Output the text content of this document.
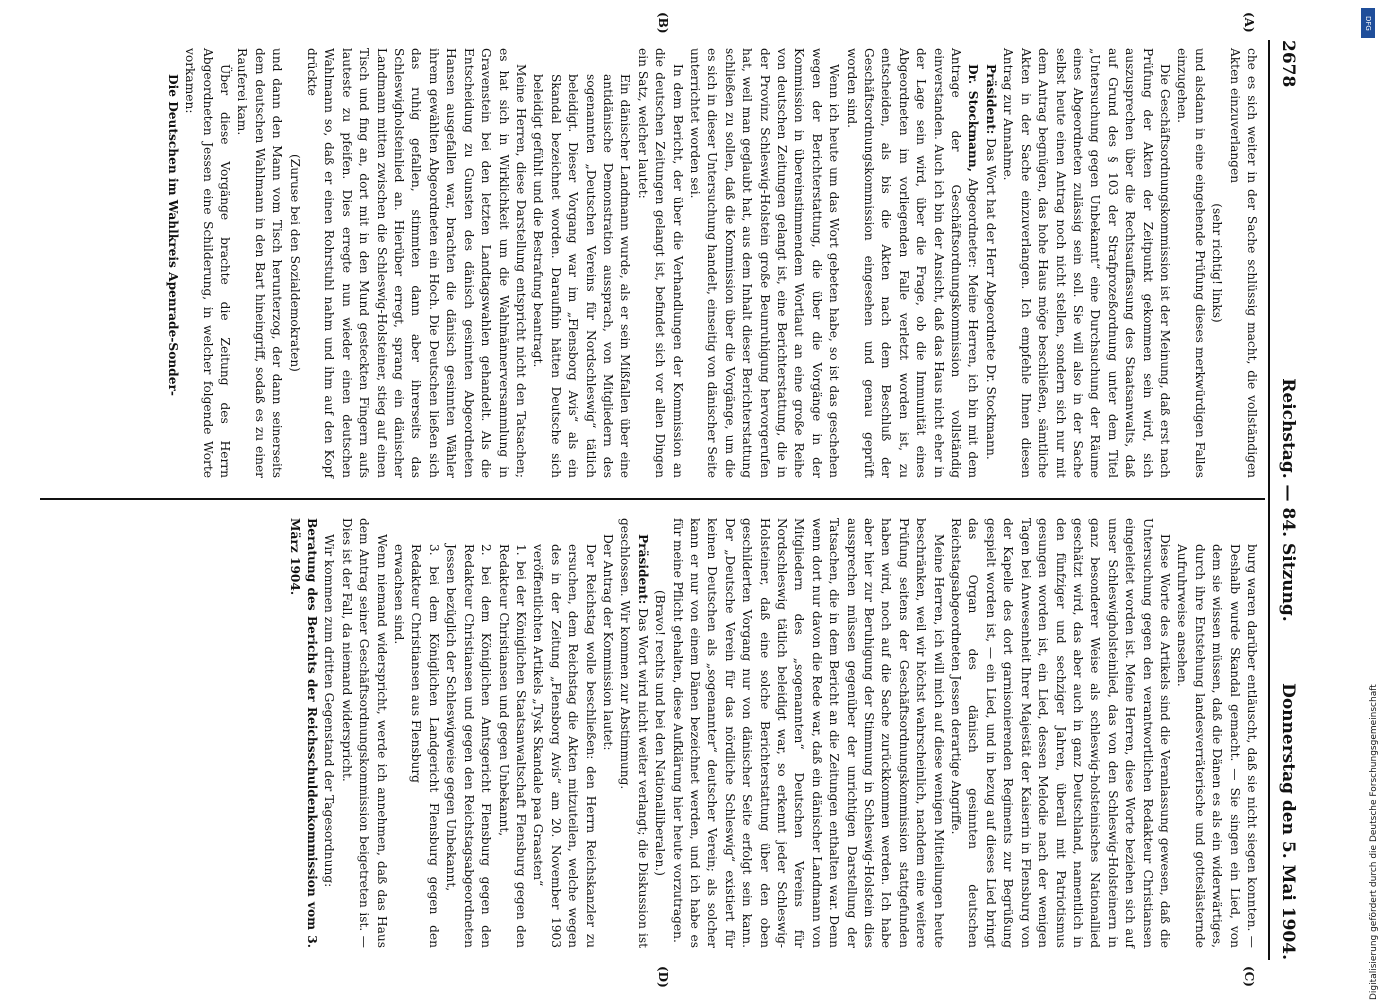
2678
Reichstag. — 84. Sitzung.
Donnerstag den 5. Mai 1904.
(A)
(B)
(C)
(D)

che es sich weiter in der Sache schlüssig macht, die vollständigen Akten einzuverlangen

(sehr richtig! links)

und alsdann in eine eingehende Prüfung dieses merkwürdigen Falles einzugehen.

Die Geschäftsordnungskommission ist der Meinung, daß erst nach Prüfung der Akten der Zeitpunkt gekommen sein wird, sich auszusprechen über die Rechtsauffassung des Staatsanwalts, daß auf Grund des § 103 der Strafprozeßordnung unter dem Titel „Untersuchung gegen Unbekannt“ eine Durchsuchung der Räume eines Abgeordneten zulässig sein soll. Sie will also in der Sache selbst heute einen Antrag noch nicht stellen, sondern sich nur mit dem Antrag begnügen, das hohe Haus möge beschließen, sämtliche Akten in der Sache einzuverlangen. Ich empfehle Ihnen diesen Antrag zur Annahme.

Präsident: Das Wort hat der Herr Abgeordnete Dr. Stockmann.

Dr. Stockmann, Abgeordneter: Meine Herren, ich bin mit dem Antrage der Geschäftsordnungskommission vollständig einverstanden. Auch ich bin der Ansicht, daß das Haus nicht eher in der Lage sein wird, über die Frage, ob die Immunität eines Abgeordneten im vorliegenden Falle verletzt worden ist, zu entscheiden, als bis die Akten nach dem Beschluß der Geschäftsordnungskommission eingesehen und genau geprüft worden sind.

Wenn ich heute um das Wort gebeten habe, so ist das geschehen wegen der Berichterstattung, die über die Vorgänge in der Kommission in übereinstimmendem Wortlaut an eine große Reihe von deutschen Zeitungen gelangt ist, eine Berichterstattung, die in der Provinz Schleswig-Holstein große Beunruhigung hervorgerufen hat, weil man geglaubt hat, aus dem Inhalt dieser Berichterstattung schließen zu sollen, daß die Kommission über die Vorgänge, um die es sich in dieser Untersuchung handelt, einseitig von dänischer Seite unterrichtet worden sei.

In dem Bericht, der über die Verhandlungen der Kommission an die deutschen Zeitungen gelangt ist, befindet sich vor allen Dingen ein Satz, welcher lautet:

Ein dänischer Landmann wurde, als er sein Mißfallen über eine antidänische Demonstration aussprach, von Mitgliedern des sogenannten „Deutschen Vereins für Nordschleswig“ tätlich beleidigt. Dieser Vorgang war im „Flensborg Avis“ als ein Skandal bezeichnet worden. Daraufhin hätten Deutsche sich beleidigt gefühlt und die Bestrafung beantragt.

Meine Herren, diese Darstellung entspricht nicht den Tatsachen; es hat sich in Wirklichkeit um die Wahlmännerversammlung in Gravenstein bei den letzten Landtagswahlen gehandelt. Als die Entscheidung zu Gunsten des dänisch gesinnten Abgeordneten Hansen ausgefallen war, brachten die dänisch gesinnten Wähler ihrem gewählten Abgeordneten ein Hoch. Die Deutschen ließen sich das ruhig gefallen, stimmten dann aber ihrerseits das Schleswigholsteinlied an. Hierüber erregt, sprang ein dänischer Landmann mitten zwischen die Schleswig-Holsteiner, stieg auf einen Tisch und fing an, dort mit in den Mund gesteckten Fingern aufs lauteste zu pfeifen. Dies erregte nun wieder einen deutschen Wahlmann so, daß er einen Rohrstuhl nahm und ihm auf den Kopf drückte

(Zuruse bei den Sozialdemokraten)

und dann den Mann vom Tisch herunterzog, der dann seinerseits dem deutschen Wahlmann in den Bart hineingriff, sodaß es zu einer Rauferei kam.

Über diese Vorgänge brachte die Zeitung des Herrn Abgeordneten Jessen eine Schilderung, in welcher folgende Worte vorkamen:

Die Deutschen im Wahlkreis Apenrade-Sonder-

burg waren darüber entläuscht, daß sie nicht siegen konnten. — Deshalb wurde Skandal gemacht. — Sie singen ein Lied, von dem sie wissen müssen, daß die Dänen es als ein widerwärtiges, durch ihre Entstehung landesverräterische und gotteslästernde Aufruhrweise ansehen.

Diese Worte des Artikels sind die Veranlassung gewesen, daß die Untersuchung gegen den verantwortlichen Redakteur Christiansen eingeleitet worden ist. Meine Herren, diese Worte beziehen sich auf unser Schleswigholsteinlied, das von den Schleswig-Holsteinern in ganz besonderer Weise als schleswig-holsteinisches Nationallied geschätzt wird, das aber auch in ganz Deutschland, namentlich in den fünfziger und sechziger Jahren, überall mit Patriotismus gesungen worden ist, ein Lied, dessen Melodie nach der wenigen Tagen bei Anwesenheit Ihrer Majestät der Kaiserin in Flensburg von der Kapelle des dort garnisonierenden Regiments zur Begrüßung gespielt worden ist, — ein Lied, und in bezug auf dieses Lied bringt das Organ des dänisch gesinnten deutschen Reichstagsabgeordneten Jessen derartige Angriffe.

Meine Herren, ich will mich auf diese wenigen Mitteilungen heute beschränken, weil wir höchst wahrscheinlich, nachdem eine weitere Prüfung seitens der Geschäftsordnungskommission stattgefunden haben wird, noch auf die Sache zurückkommen werden. Ich habe aber hier zur Beruhigung der Stimmung in Schleswig-Holstein dies aussprechen müssen gegenüber der unrichtigen Darstellung der Tatsachen, die in dem Bericht an die Zeitungen enthalten war. Denn wenn dort nur davon die Rede war, daß ein dänischer Landmann von Mitgliedern des „sogenannten“ Deutschen Vereins für Nordschleswig tätlich beleidigt war, so erkennt jeder Schleswig-Holsteiner, daß eine solche Berichterstattung über den oben geschilderten Vorgang nur von dänischer Seite erfolgt sein kann. Der „Deutsche Verein für das nördliche Schleswig“ existiert für keinen Deutschen als „sogenannter“ deutscher Verein; als solcher kann er nur von einem Dänen bezeichnet werden, und ich habe es für meine Pflicht gehalten, diese Aufklärung hier heute vorzutragen.

(Bravo! rechts und bei den Nationalliberalen.)

Präsident: Das Wort wird nicht weiter verlangt; die Diskussion ist geschlossen. Wir kommen zur Abstimmung.

Der Antrag der Kommission lautet:

Der Reichstag wolle beschließen: den Herrn Reichskanzler zu ersuchen, dem Reichstag die Akten mitzuteilen, welche wegen des in der Zeitung „Flensborg Avis“ am 20. November 1903 veröffentlichten Artikels „Tysk Skandale paa Graasten“

1. bei der Königlichen Staatsanwaltschaft Flensburg gegen den Redakteur Christiansen und gegen Unbekannt,

2. bei dem Königlichen Amtsgericht Flensburg gegen den Redakteur Christiansen und gegen den Reichstagsabgeordneten Jessen bezüglich der Schleswigweise gegen Unbekannt,

3. bei dem Königlichen Landgericht Flensburg gegen den Redakteur Christiansen aus Flensburg

erwachsen sind.

Wenn niemand widerspricht, werde ich annehmen, daß das Haus dem Antrag seiner Geschäftsordnungskommission beigetreten ist. — Dies ist der Fall, da niemand widerspricht.

Wir kommen zum dritten Gegenstand der Tagesordnung:

Beratung des Berichts der Reichsschuldenkommission vom 3. März 1904.

DFG
Digitalisierung gefördert durch die Deutsche Forschungsgemeinschaft
